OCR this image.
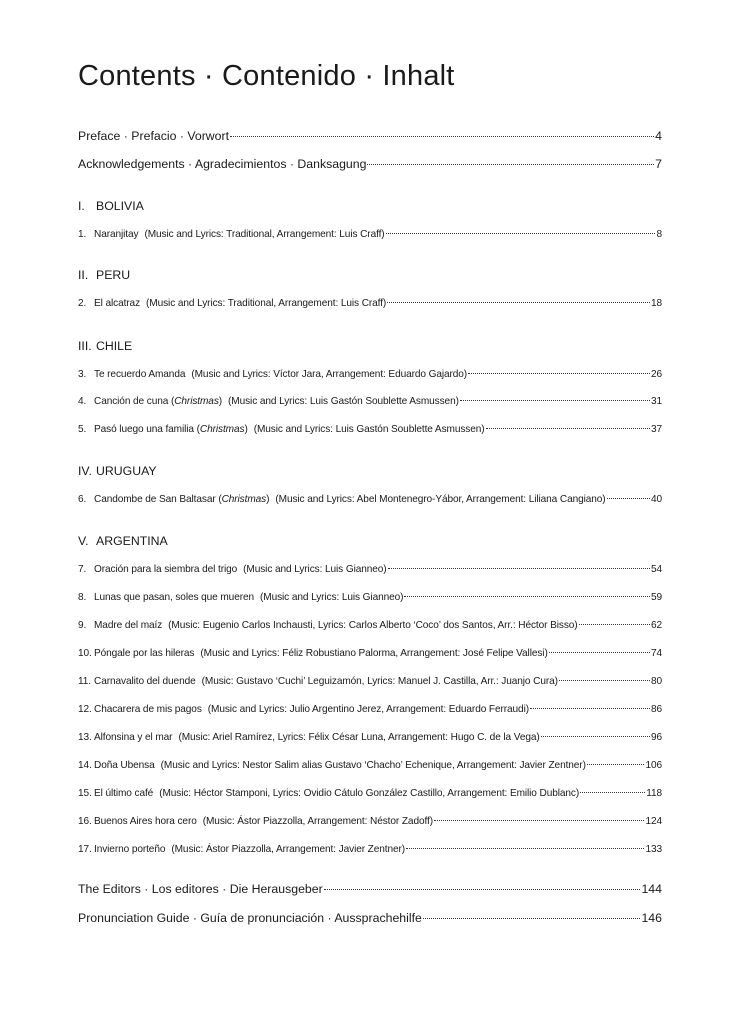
Contents · Contenido · Inhalt
Preface · Prefacio · Vorwort	4
Acknowledgements · Agradecimientos · Danksagung	7
I. BOLIVIA
1. Naranjitay (Music and Lyrics: Traditional, Arrangement: Luis Craff)	8
II. PERU
2. El alcatraz (Music and Lyrics: Traditional, Arrangement: Luis Craff)	18
III. CHILE
3. Te recuerdo Amanda (Music and Lyrics: Víctor Jara, Arrangement: Eduardo Gajardo)	26
4. Canción de cuna (Christmas) (Music and Lyrics: Luis Gastón Soublette Asmussen)	31
5. Pasó luego una familia (Christmas) (Music and Lyrics: Luis Gastón Soublette Asmussen)	37
IV. URUGUAY
6. Candombe de San Baltasar (Christmas) (Music and Lyrics: Abel Montenegro-Yábor, Arrangement: Liliana Cangiano)	40
V. ARGENTINA
7. Oración para la siembra del trigo (Music and Lyrics: Luis Gianneo)	54
8. Lunas que pasan, soles que mueren (Music and Lyrics: Luis Gianneo)	59
9. Madre del maíz (Music: Eugenio Carlos Inchausti, Lyrics: Carlos Alberto ‘Coco’ dos Santos, Arr.: Héctor Bisso)	62
10. Póngale por las hileras (Music and Lyrics: Féliz Robustiano Palorma, Arrangement: José Felipe Vallesi)	74
11. Carnavalito del duende (Music: Gustavo ‘Cuchi’ Leguizamón, Lyrics: Manuel J. Castilla, Arr.: Juanjo Cura)	80
12. Chacarera de mis pagos (Music and Lyrics: Julio Argentino Jerez, Arrangement: Eduardo Ferraudi)	86
13. Alfonsina y el mar (Music: Ariel Ramírez, Lyrics: Félix César Luna, Arrangement: Hugo C. de la Vega)	96
14. Doña Ubensa (Music and Lyrics: Nestor Salim alias Gustavo ‘Chacho’ Echenique, Arrangement: Javier Zentner)	106
15. El último café (Music: Héctor Stamponi, Lyrics: Ovidio Cátulo González Castillo, Arrangement: Emilio Dublanc)	118
16. Buenos Aires hora cero (Music: Ástor Piazzolla, Arrangement: Néstor Zadoff)	124
17. Invierno porteño (Music: Ástor Piazzolla, Arrangement: Javier Zentner)	133
The Editors · Los editores · Die Herausgeber	144
Pronunciation Guide · Guía de pronunciación · Aussprachehilfe	146
